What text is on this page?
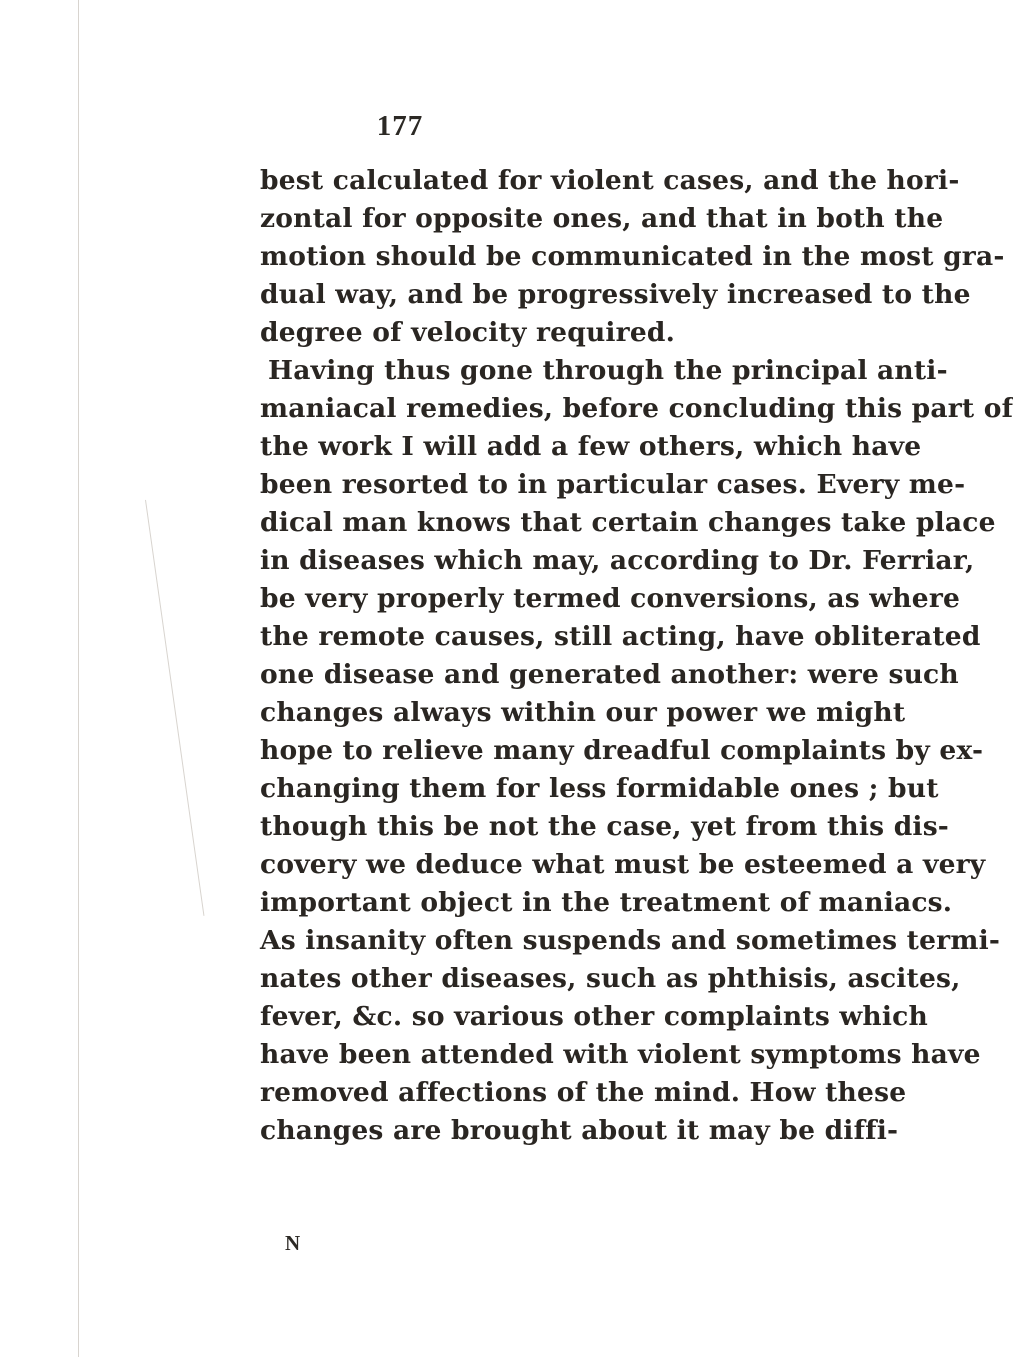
177
best calculated for violent cases, and the hori-
zontal for opposite ones, and that in both the
motion should be communicated in the most gra-
dual way, and be progressively increased to the
degree of velocity required.
Having thus gone through the principal anti-
maniacal remedies, before concluding this part of
the work I will add a few others, which have
been resorted to in particular cases. Every me-
dical man knows that certain changes take place
in diseases which may, according to Dr. Ferriar,
be very properly termed conversions, as where
the remote causes, still acting, have obliterated
one disease and generated another: were such
changes always within our power we might
hope to relieve many dreadful complaints by ex-
changing them for less formidable ones ; but
though this be not the case, yet from this dis-
covery we deduce what must be esteemed a very
important object in the treatment of maniacs.
As insanity often suspends and sometimes termi-
nates other diseases, such as phthisis, ascites,
fever, &c. so various other complaints which
have been attended with violent symptoms have
removed affections of the mind. How these
changes are brought about it may be diffi-
N
